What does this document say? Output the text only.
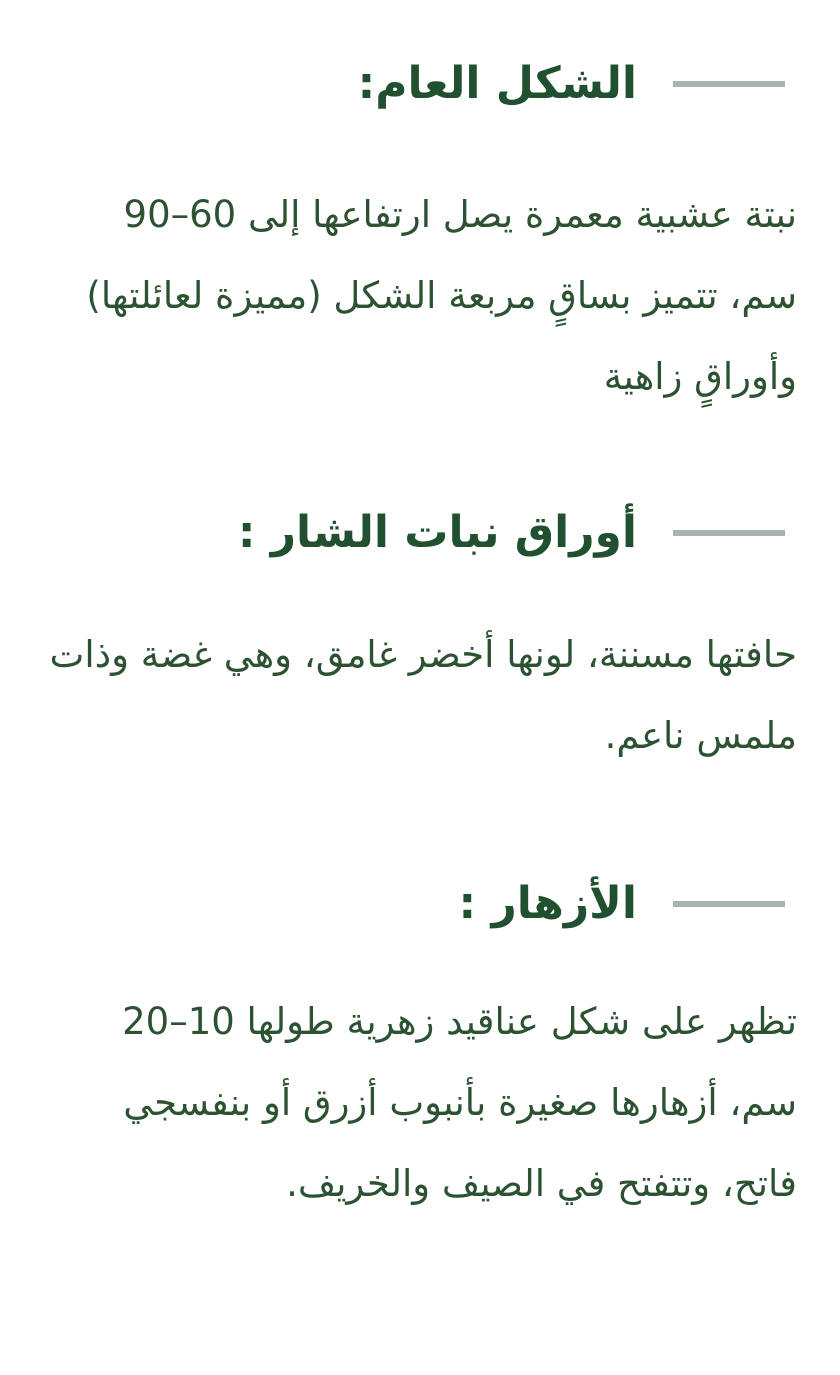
الشكل العام:

نبتة عشبية معمرة يصل ارتفاعها إلى 60–90 سم، تتميز بساقٍ مربعة الشكل (مميزة لعائلتها) وأوراقٍ زاهية

أوراق نبات الشار :

حافتها مسننة، لونها أخضر غامق، وهي غضة وذات ملمس ناعم.

الأزهار :

تظهر على شكل عناقيد زهرية طولها 10–20 سم، أزهارها صغيرة بأنبوب أزرق أو بنفسجي فاتح، وتتفتح في الصيف والخريف.
